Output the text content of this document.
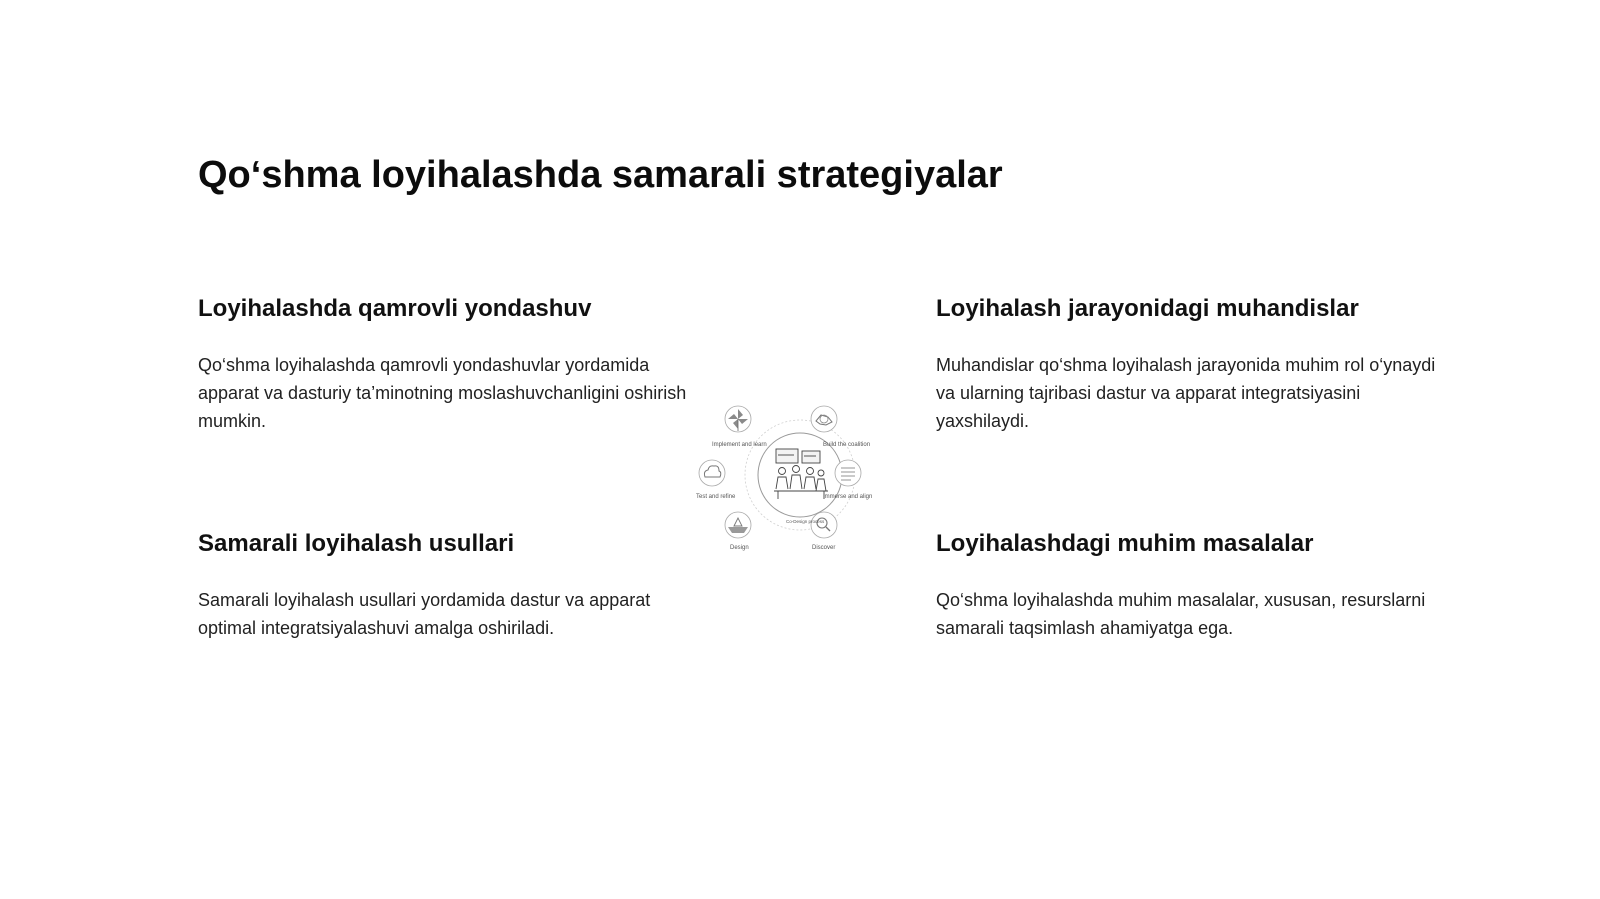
Qo‘shma loyihalashda samarali strategiyalar
Loyihalashda qamrovli yondashuv

Qo‘shma loyihalashda qamrovli yondashuvlar yordamida apparat va dasturiy ta’minotning moslashuvchanligini oshirish mumkin.

Loyihalash jarayonidagi muhandislar

Muhandislar qo‘shma loyihalash jarayonida muhim rol o‘ynaydi va ularning tajribasi dastur va apparat integratsiyasini yaxshilaydi.

Samarali loyihalash usullari

Samarali loyihalash usullari yordamida dastur va apparat optimal integratsiyalashuvi amalga oshiriladi.

Loyihalashdagi muhim masalalar

Qo‘shma loyihalashda muhim masalalar, xususan, resurslarni samarali taqsimlash ahamiyatga ega.

Implement and learn	Build the coalition
Test and refine	Immerse and align
Design	Discover
Co-Design process
